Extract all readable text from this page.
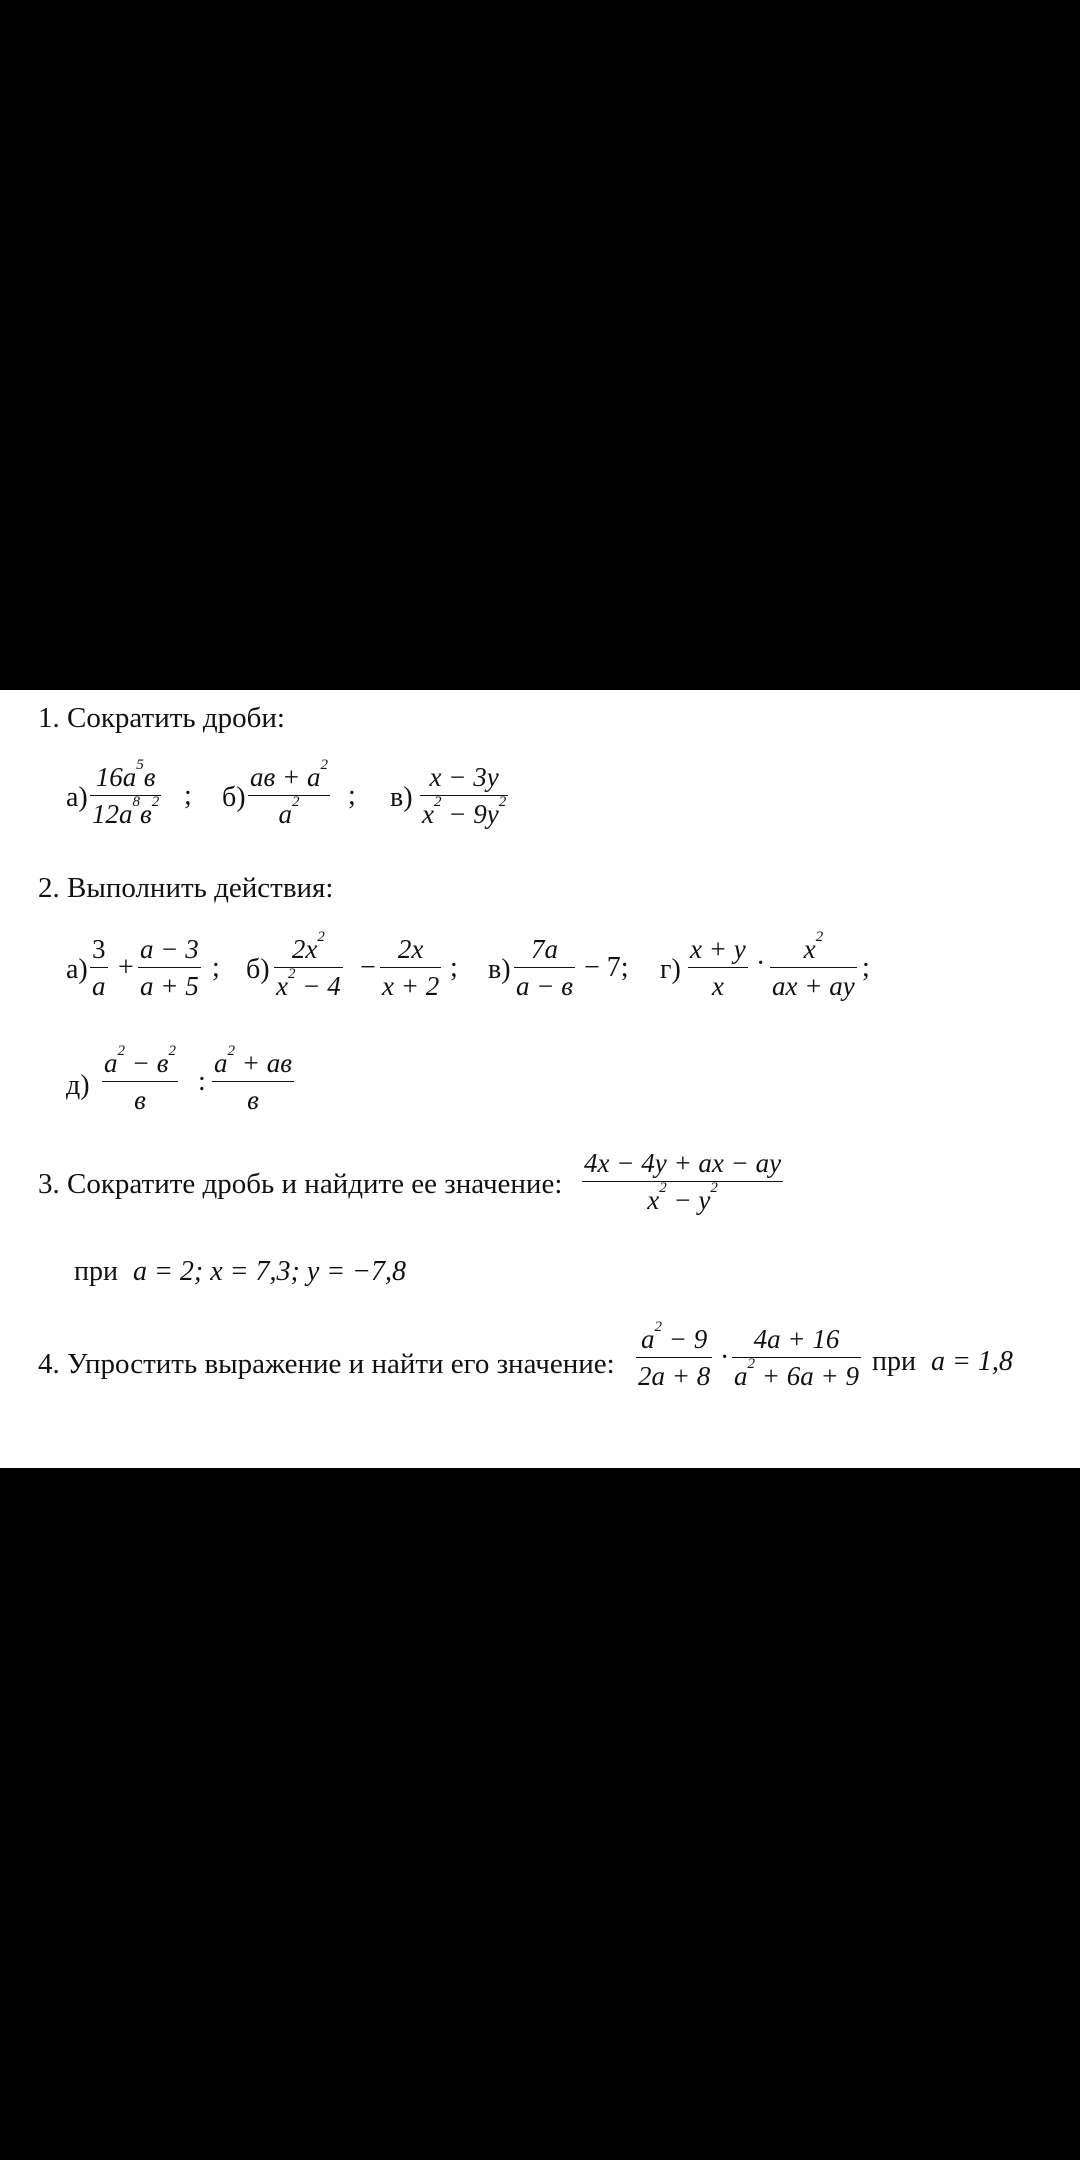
1. Сократить дроби:
а)
$16a^5в$
$12a^8в^2$ ; б)
ав + $а^2$
$а^2$	; $в) \frac{x - 3y}{x^2 - 9y^2}$
2. Выполнить действия:
$а) \frac{3}{a} + \frac{a - 3}{a + 5}$ ; $б) \frac{2x^2}{x^2 - 4} - \frac{2x}{x + 2}$ ; в)
7a
a − в
− 7; $г) \frac{x + y}{x} \cdot \frac{x^2}{ax + ay}$ ;
д)
$a^2 - в^2$
в
:
$a^2$ + ав
в
3. Сократите дробь и найдите ее значение: $\frac{4x - 4y + ax - ay}{x^2 - y^2}$
при a = 2; x = 7,3; y = −7,8
4. Упростить выражение и найти его значение: $\frac{a^2 - 9}{2a + 8} \cdot \frac{4a + 16}{a^2 + 6a + 9}$ при a = 1,8
